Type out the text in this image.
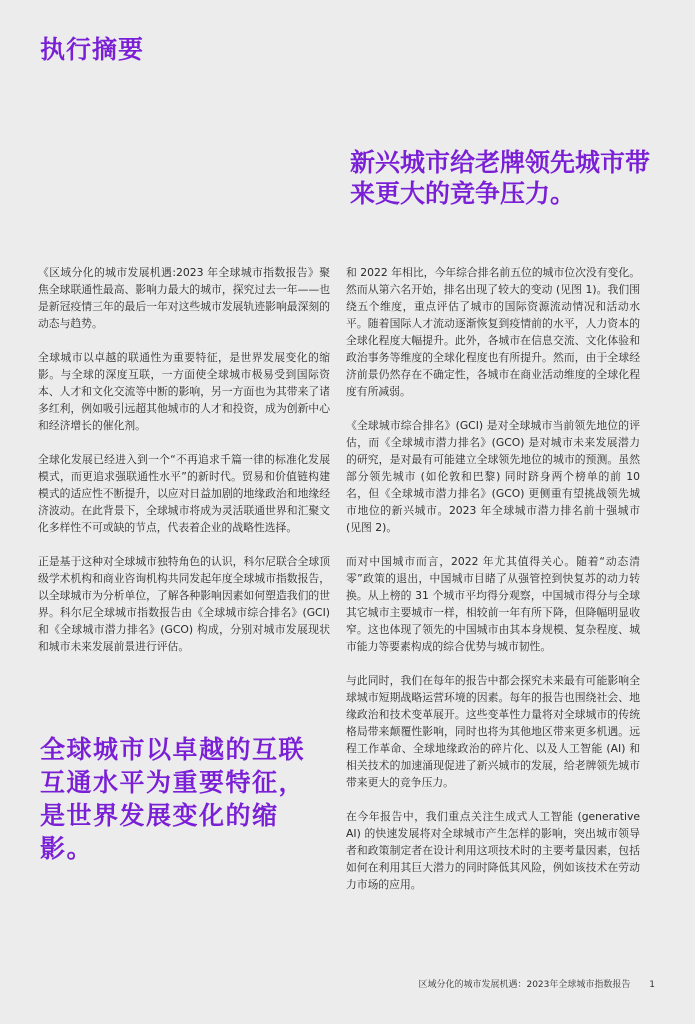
执行摘要
新兴城市给老牌领先城市带来更大的竞争压力。

《区域分化的城市发展机遇:2023 年全球城市指数报告》聚焦全球联通性最高、影响力最大的城市，探究过去一年——也是新冠疫情三年的最后一年对这些城市发展轨迹影响最深刻的动态与趋势。

全球城市以卓越的联通性为重要特征，是世界发展变化的缩影。与全球的深度互联，一方面使全球城市极易受到国际资本、人才和文化交流等中断的影响，另一方面也为其带来了诸多红利，例如吸引远超其他城市的人才和投资，成为创新中心和经济增长的催化剂。

全球化发展已经进入到一个“不再追求千篇一律的标准化发展模式，而更追求强联通性水平”的新时代。贸易和价值链构建模式的适应性不断提升，以应对日益加剧的地缘政治和地缘经济波动。在此背景下，全球城市将成为灵活联通世界和汇聚文化多样性不可或缺的节点，代表着企业的战略性选择。

正是基于这种对全球城市独特角色的认识，科尔尼联合全球顶级学术机构和商业咨询机构共同发起年度全球城市指数报告，以全球城市为分析单位，了解各种影响因素如何塑造我们的世界。科尔尼全球城市指数报告由《全球城市综合排名》(GCI) 和《全球城市潜力排名》(GCO) 构成，分别对城市发展现状和城市未来发展前景进行评估。

和 2022 年相比，今年综合排名前五位的城市位次没有变化。然而从第六名开始，排名出现了较大的变动 (见图 1)。我们围绕五个维度，重点评估了城市的国际资源流动情况和活动水平。随着国际人才流动逐渐恢复到疫情前的水平，人力资本的全球化程度大幅提升。此外，各城市在信息交流、文化体验和政治事务等维度的全球化程度也有所提升。然而，由于全球经济前景仍然存在不确定性，各城市在商业活动维度的全球化程度有所减弱。

《全球城市综合排名》(GCI) 是对全球城市当前领先地位的评估，而《全球城市潜力排名》(GCO) 是对城市未来发展潜力的研究，是对最有可能建立全球领先地位的城市的预测。虽然部分领先城市 (如伦敦和巴黎) 同时跻身两个榜单的前 10 名，但《全球城市潜力排名》(GCO) 更侧重有望挑战领先城市地位的新兴城市。2023 年全球城市潜力排名前十强城市 (见图 2)。

而对中国城市而言，2022 年尤其值得关心。随着“动态清零”政策的退出，中国城市目睹了从强管控到快复苏的动力转换。从上榜的 31 个城市平均得分观察，中国城市得分与全球其它城市主要城市一样，相较前一年有所下降，但降幅明显收窄。这也体现了领先的中国城市由其本身规模、复杂程度、城市能力等要素构成的综合优势与城市韧性。

与此同时，我们在每年的报告中都会探究未来最有可能影响全球城市短期战略运营环境的因素。每年的报告也围绕社会、地缘政治和技术变革展开。这些变革性力量将对全球城市的传统格局带来颠覆性影响，同时也将为其他地区带来更多机遇。远程工作革命、全球地缘政治的碎片化、以及人工智能 (AI) 和相关技术的加速涌现促进了新兴城市的发展，给老牌领先城市带来更大的竞争压力。

在今年报告中，我们重点关注生成式人工智能 (generative AI) 的快速发展将对全球城市产生怎样的影响，突出城市领导者和政策制定者在设计利用这项技术时的主要考量因素，包括如何在利用其巨大潜力的同时降低其风险，例如该技术在劳动力市场的应用。

全球城市以卓越的互联互通水平为重要特征，是世界发展变化的缩影。
区域分化的城市发展机遇：2023年全球城市指数报告 1
